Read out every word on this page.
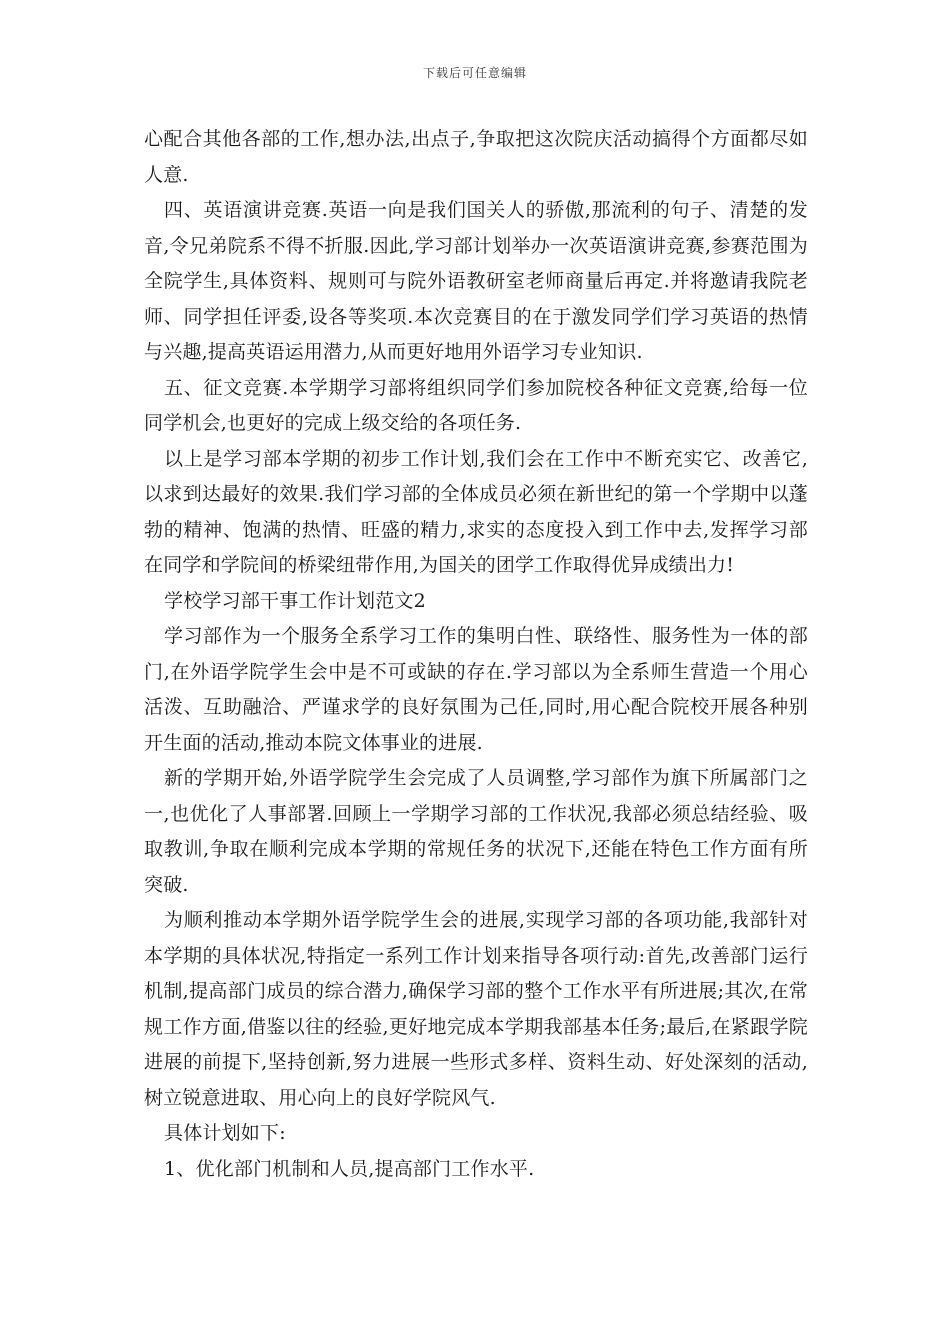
下载后可任意编辑

心配合其他各部的工作,想办法,出点子,争取把这次院庆活动搞得个方面都尽如人意.

四、英语演讲竞赛.英语一向是我们国关人的骄傲,那流利的句子、清楚的发音,令兄弟院系不得不折服.因此,学习部计划举办一次英语演讲竞赛,参赛范围为全院学生,具体资料、规则可与院外语教研室老师商量后再定.并将邀请我院老师、同学担任评委,设各等奖项.本次竞赛目的在于激发同学们学习英语的热情与兴趣,提高英语运用潜力,从而更好地用外语学习专业知识.

五、征文竞赛.本学期学习部将组织同学们参加院校各种征文竞赛,给每一位同学机会,也更好的完成上级交给的各项任务.

以上是学习部本学期的初步工作计划,我们会在工作中不断充实它、改善它,以求到达最好的效果.我们学习部的全体成员必须在新世纪的第一个学期中以蓬勃的精神、饱满的热情、旺盛的精力,求实的态度投入到工作中去,发挥学习部在同学和学院间的桥梁纽带作用,为国关的团学工作取得优异成绩出力!

学校学习部干事工作计划范文2

学习部作为一个服务全系学习工作的集明白性、联络性、服务性为一体的部门,在外语学院学生会中是不可或缺的存在.学习部以为全系师生营造一个用心活泼、互助融洽、严谨求学的良好氛围为己任,同时,用心配合院校开展各种别开生面的活动,推动本院文体事业的进展.

新的学期开始,外语学院学生会完成了人员调整,学习部作为旗下所属部门之一,也优化了人事部署.回顾上一学期学习部的工作状况,我部必须总结经验、吸取教训,争取在顺利完成本学期的常规任务的状况下,还能在特色工作方面有所突破.

为顺利推动本学期外语学院学生会的进展,实现学习部的各项功能,我部针对本学期的具体状况,特指定一系列工作计划来指导各项行动:首先,改善部门运行机制,提高部门成员的综合潜力,确保学习部的整个工作水平有所进展;其次,在常规工作方面,借鉴以往的经验,更好地完成本学期我部基本任务;最后,在紧跟学院进展的前提下,坚持创新,努力进展一些形式多样、资料生动、好处深刻的活动,树立锐意进取、用心向上的良好学院风气.

具体计划如下:

1、优化部门机制和人员,提高部门工作水平.
